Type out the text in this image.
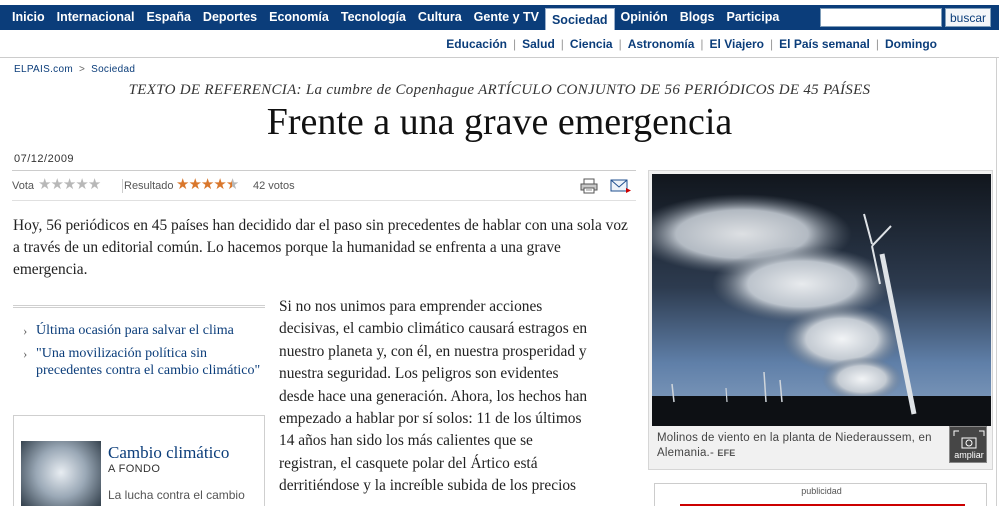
Inicio Internacional España Deportes Economía Tecnología Cultura Gente y TV	Sociedad	Opinión Blogs Participa	buscar
Educación | Salud | Ciencia | Astronomía | El Viajero | El País semanal | Domingo
ELPAIS.com > Sociedad
TEXTO DE REFERENCIA: La cumbre de Copenhague ARTÍCULO CONJUNTO DE 56 PERIÓDICOS DE 45 PAÍSES
Frente a una grave emergencia
07/12/2009
Vota ★★★★★ Resultado ★★★★★ 42 votos

Hoy, 56 periódicos en 45 países han decidido dar el paso sin precedentes de hablar con una sola voz a través de un editorial común. Lo hacemos porque la humanidad se enfrenta a una grave emergencia.

› Última ocasión para salvar el clima
› "Una movilización política sin precedentes contra el cambio climático"
Cambio climático
A FONDO
La lucha contra el cambio
Si no nos unimos para emprender acciones
decisivas, el cambio climático causará estragos en
nuestro planeta y, con él, en nuestra prosperidad y
nuestra seguridad. Los peligros son evidentes
desde hace una generación. Ahora, los hechos han
empezado a hablar por sí solos: 11 de los últimos
14 años han sido los más calientes que se
registran, el casquete polar del Ártico está
derritiéndose y la increíble subida de los precios
ampliar
Molinos de viento en la planta de Niederaussem, en Alemania.- EFE
publicidad
